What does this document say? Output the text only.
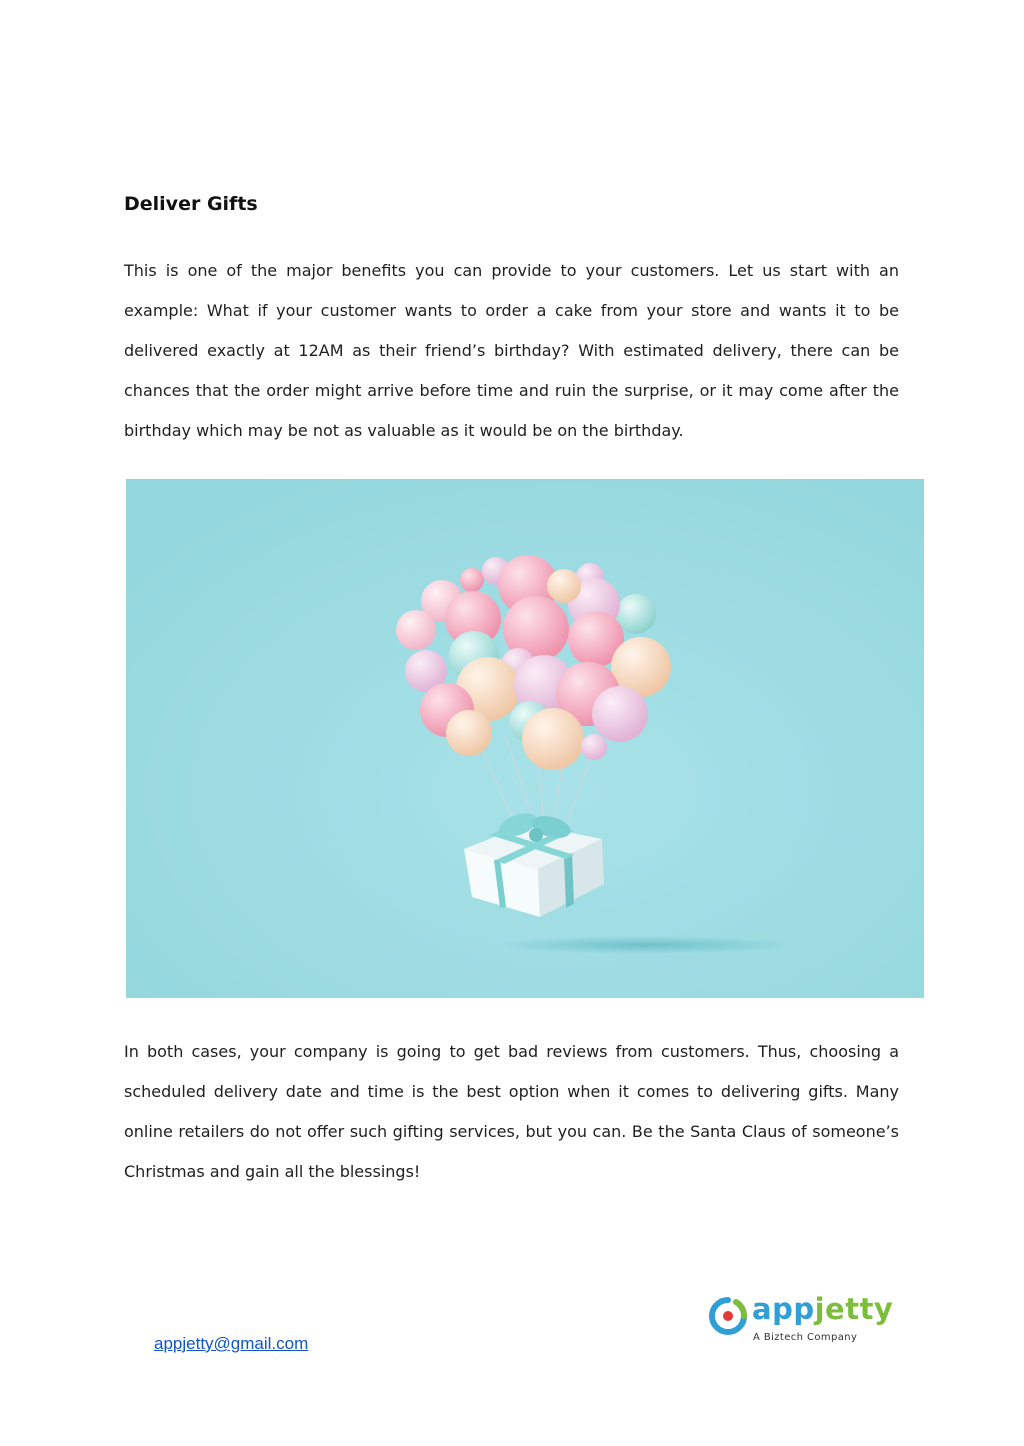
Deliver Gifts

This is one of the major benefits you can provide to your customers. Let us start with an example: What if your customer wants to order a cake from your store and wants it to be delivered exactly at 12AM as their friend’s birthday? With estimated delivery, there can be chances that the order might arrive before time and ruin the surprise, or it may come after the birthday which may be not as valuable as it would be on the birthday.

In both cases, your company is going to get bad reviews from customers. Thus, choosing a scheduled delivery date and time is the best option when it comes to delivering gifts. Many online retailers do not offer such gifting services, but you can. Be the Santa Claus of someone’s Christmas and gain all the blessings!

appjetty
A Biztech Company
appjetty@gmail.com
